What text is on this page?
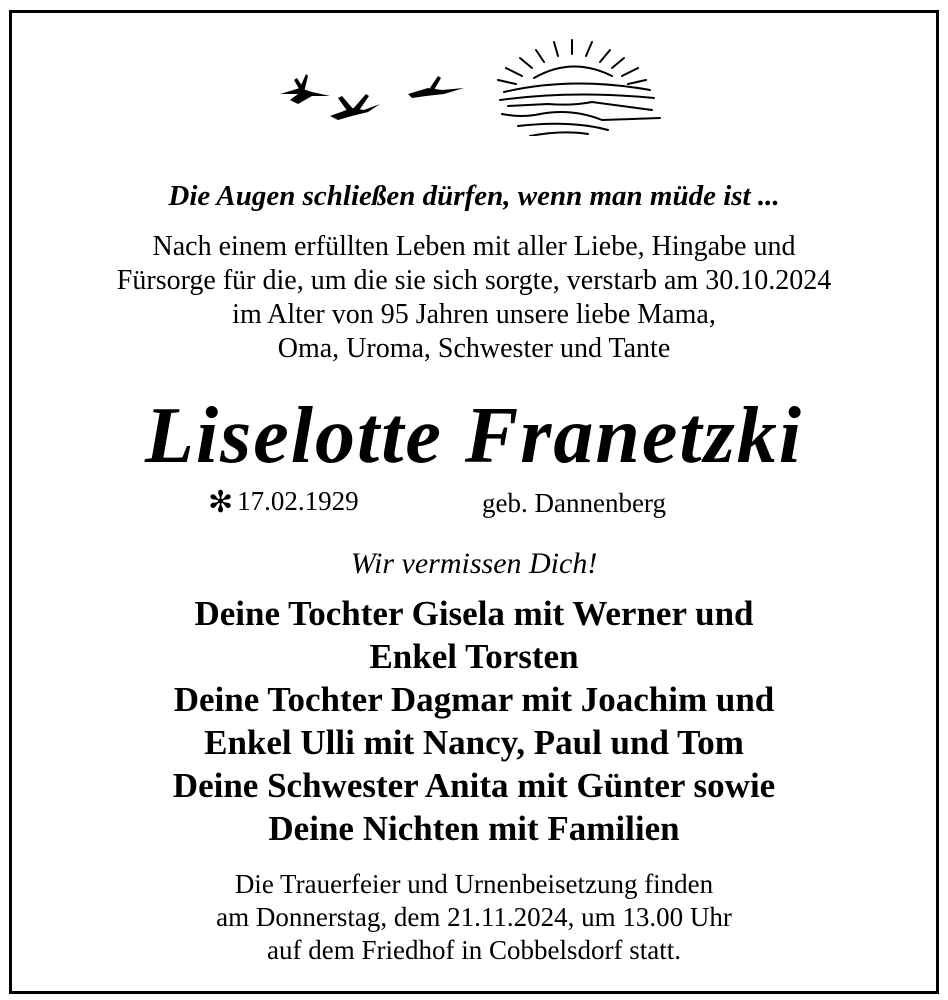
Die Augen schließen dürfen, wenn man müde ist ...
Nach einem erfüllten Leben mit aller Liebe, Hingabe und
Fürsorge für die, um die sie sich sorgte, verstarb am 30.10.2024
im Alter von 95 Jahren unsere liebe Mama,
Oma, Uroma, Schwester und Tante
Liselotte Franetzki
✻ 17.02.1929	geb. Dannenberg
Wir vermissen Dich!
Deine Tochter Gisela mit Werner und
Enkel Torsten
Deine Tochter Dagmar mit Joachim und
Enkel Ulli mit Nancy, Paul und Tom
Deine Schwester Anita mit Günter sowie
Deine Nichten mit Familien
Die Trauerfeier und Urnenbeisetzung finden
am Donnerstag, dem 21.11.2024, um 13.00 Uhr
auf dem Friedhof in Cobbelsdorf statt.
